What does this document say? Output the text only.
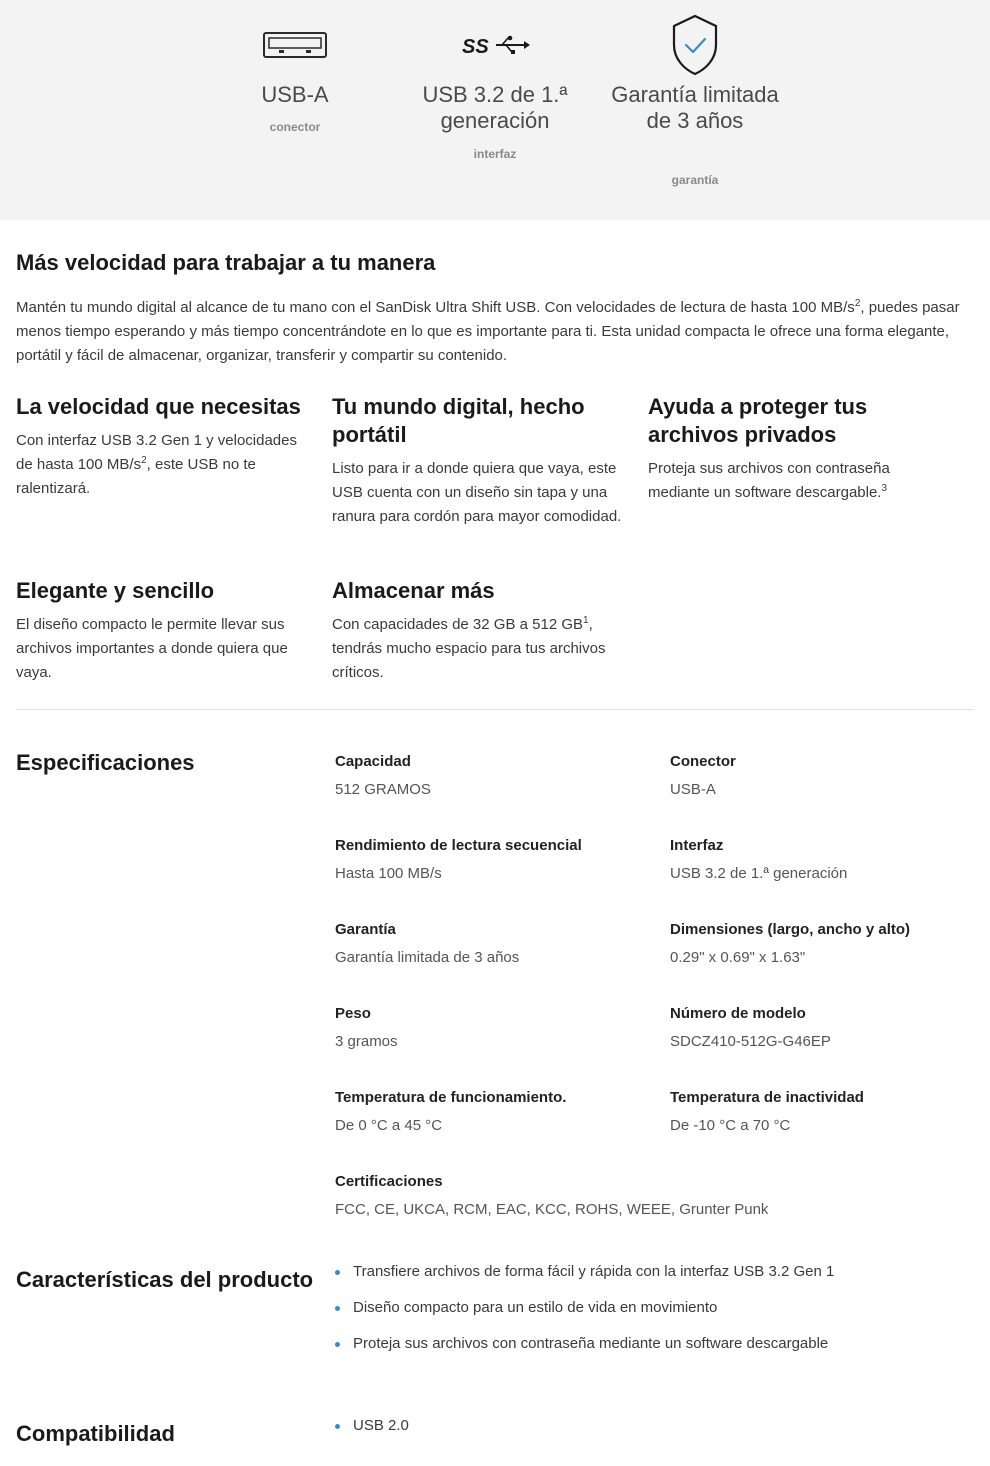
USB-A
conector
SS
USB 3.2 de 1.ª generación
interfaz
Garantía limitada de 3 años
garantía
Más velocidad para trabajar a tu manera

Mantén tu mundo digital al alcance de tu mano con el SanDisk Ultra Shift USB. Con velocidades de lectura de hasta 100 $MB/s^2$, puedes pasar menos tiempo esperando y más tiempo concentrándote en lo que es importante para ti. Esta unidad compacta le ofrece una forma elegante, portátil y fácil de almacenar, organizar, transferir y compartir su contenido.

La velocidad que necesitas

Con interfaz USB 3.2 Gen 1 y velocidades de hasta 100 $MB/s^2$, este USB no te ralentizará.

Tu mundo digital, hecho portátil

Listo para ir a donde quiera que vaya, este USB cuenta con un diseño sin tapa y una ranura para cordón para mayor comodidad.

Ayuda a proteger tus archivos privados

Proteja sus archivos con contraseña mediante un software descargable.$^3$

Elegante y sencillo

El diseño compacto le permite llevar sus archivos importantes a donde quiera que vaya.

Almacenar más

Con capacidades de 32 GB a 512 $GB^1$, tendrás mucho espacio para tus archivos críticos.

Especificaciones	Capacidad
512 GRAMOS
Conector
USB-A
Rendimiento de lectura secuencial
Hasta 100 MB/s
Interfaz
USB 3.2 de 1.ª generación
Garantía
Garantía limitada de 3 años
Dimensiones (largo, ancho y alto)
0.29" x 0.69" x 1.63"
Peso
3 gramos
Número de modelo
SDCZ410-512G-G46EP
Temperatura de funcionamiento.
De 0 °C a 45 °C
Temperatura de inactividad
De -10 °C a 70 °C
Certificaciones
FCC, CE, UKCA, RCM, EAC, KCC, ROHS, WEEE, Grunter Punk
Características del producto	Transfiere archivos de forma fácil y rápida con la interfaz USB 3.2 Gen 1
Diseño compacto para un estilo de vida en movimiento
Proteja sus archivos con contraseña mediante un software descargable
Compatibilidad	USB 2.0
